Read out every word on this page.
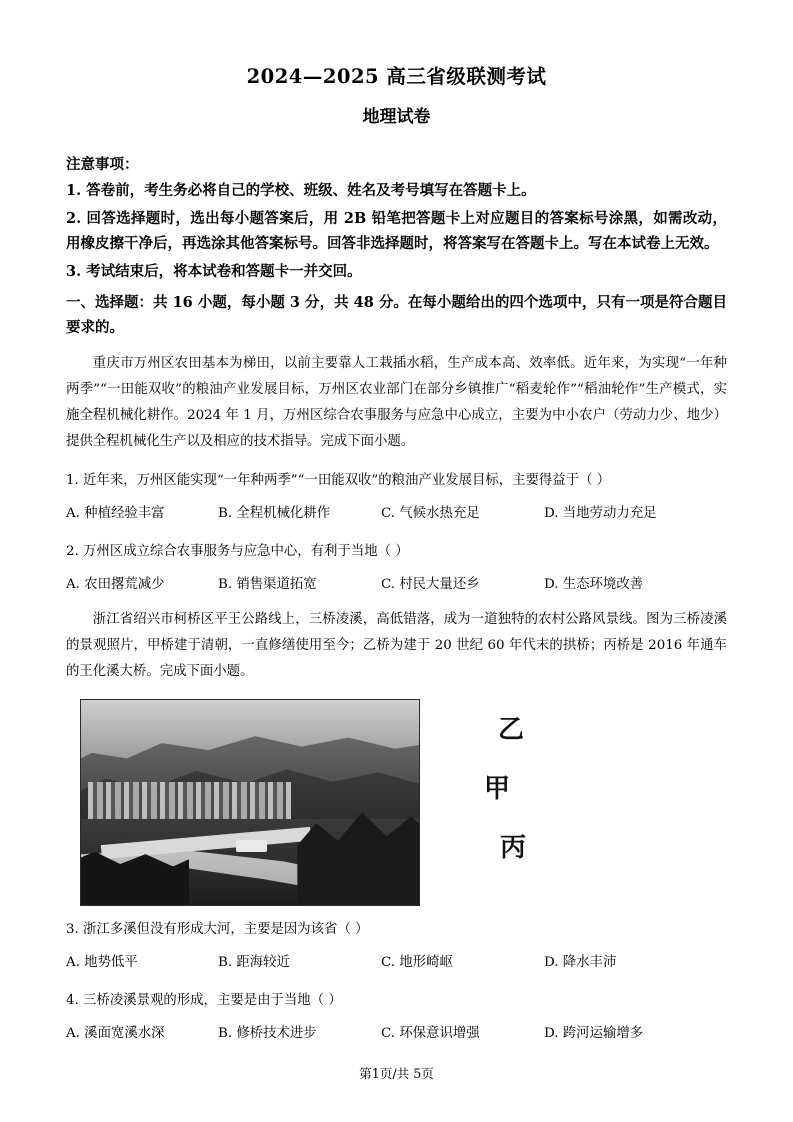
2024—2025 高三省级联测考试
地理试卷
注意事项：
1. 答卷前，考生务必将自己的学校、班级、姓名及考号填写在答题卡上。
2. 回答选择题时，选出每小题答案后，用 2B 铅笔把答题卡上对应题目的答案标号涂黑，如需改动，用橡皮擦干净后，再选涂其他答案标号。回答非选择题时，将答案写在答题卡上。写在本试卷上无效。
3. 考试结束后，将本试卷和答题卡一并交回。
一、选择题：共 16 小题，每小题 3 分，共 48 分。在每小题给出的四个选项中，只有一项是符合题目要求的。
重庆市万州区农田基本为梯田，以前主要靠人工栽插水稻，生产成本高、效率低。近年来，为实现“一年种两季”“一田能双收”的粮油产业发展目标，万州区农业部门在部分乡镇推广“稻麦轮作”“稻油轮作”生产模式，实施全程机械化耕作。2024 年 1 月，万州区综合农事服务与应急中心成立，主要为中小农户（劳动力少、地少）提供全程机械化生产以及相应的技术指导。完成下面小题。
1. 近年来，万州区能实现“一年种两季”“一田能双收”的粮油产业发展目标，主要得益于（ ）
A. 种植经验丰富	B. 全程机械化耕作	C. 气候水热充足	D. 当地劳动力充足
2. 万州区成立综合农事服务与应急中心，有利于当地（ ）
A. 农田撂荒减少	B. 销售渠道拓宽	C. 村民大量还乡	D. 生态环境改善
浙江省绍兴市柯桥区平王公路线上，三桥凌溪，高低错落，成为一道独特的农村公路风景线。图为三桥凌溪的景观照片，甲桥建于清朝，一直修缮使用至今；乙桥为建于 20 世纪 60 年代末的拱桥；丙桥是 2016 年通车的王化溪大桥。完成下面小题。
乙
甲
丙
3. 浙江多溪但没有形成大河，主要是因为该省（ ）
A. 地势低平	B. 距海较近	C. 地形崎岖	D. 降水丰沛
4. 三桥凌溪景观的形成，主要是由于当地（ ）
A. 溪面宽溪水深	B. 修桥技术进步	C. 环保意识增强	D. 跨河运输增多
第1页/共 5页
